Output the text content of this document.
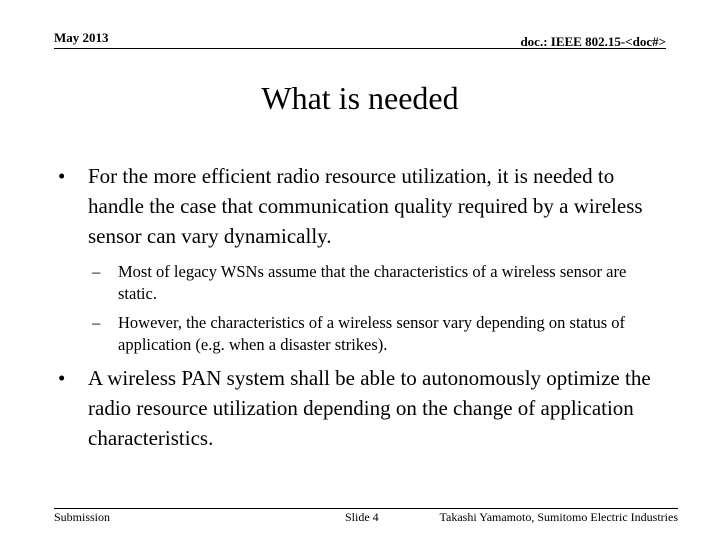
May 2013	doc.: IEEE 802.15-<doc#>
What is needed
•	For the more efficient radio resource utilization, it is needed to handle the case that communication quality required by a wireless sensor can vary dynamically.
–	Most of legacy WSNs assume that the characteristics of a wireless sensor are static.
–	However, the characteristics of a wireless sensor vary depending on status of application (e.g. when a disaster strikes).
•	A wireless PAN system shall be able to autonomously optimize the radio resource utilization depending on the change of application characteristics.
Submission	Slide 4	Takashi Yamamoto, Sumitomo Electric Industries
